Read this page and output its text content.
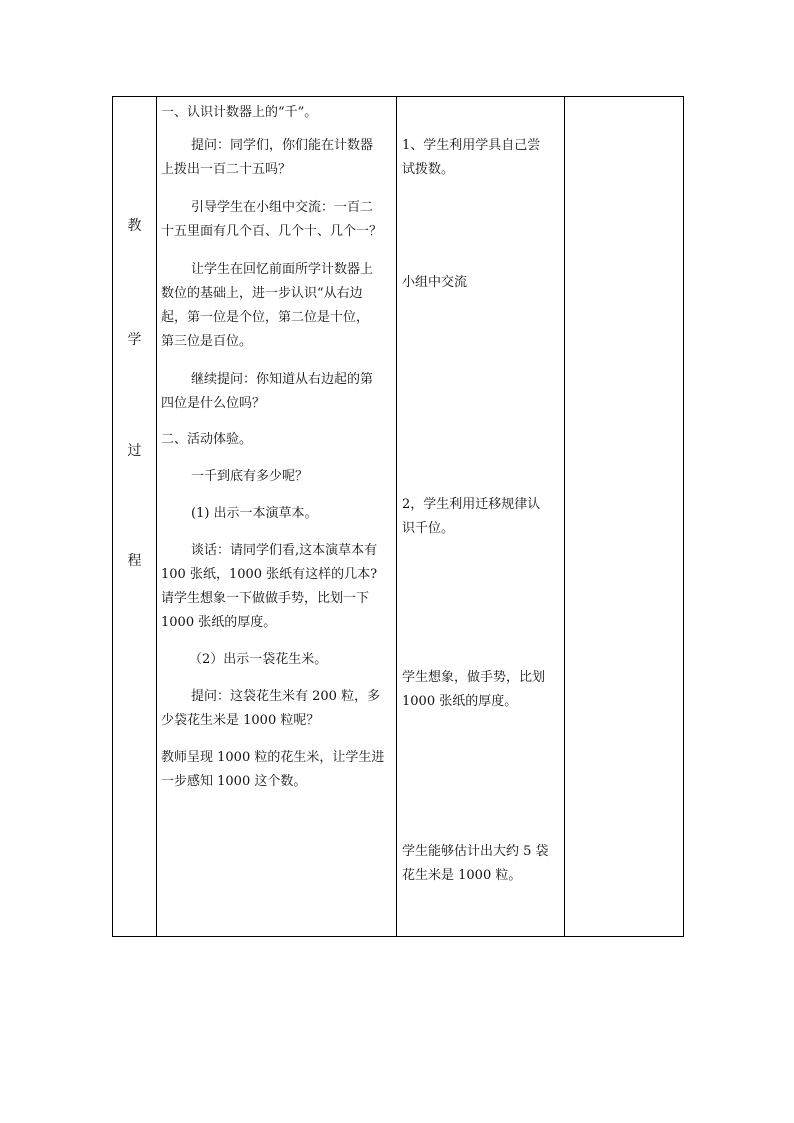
教
学
过
程

一、认识计数器上的“千”。

提问：同学们，你们能在计数器

上拨出一百二十五吗？

引导学生在小组中交流：一百二

十五里面有几个百、几个十、几个一？

让学生在回忆前面所学计数器上

数位的基础上，进一步认识“从右边

起，第一位是个位，第二位是十位，

第三位是百位。

继续提问：你知道从右边起的第

四位是什么位吗？

二、活动体验。

一千到底有多少呢？

(1) 出示一本演草本。

谈话：请同学们看,这本演草本有

100 张纸，1000 张纸有这样的几本?

请学生想象一下做做手势，比划一下

1000 张纸的厚度。

（2）出示一袋花生米。

提问：这袋花生米有 200 粒，多

少袋花生米是 1000 粒呢？

教师呈现 1000 粒的花生米，让学生进

一步感知 1000 这个数。

1、学生利用学具自己尝

试拨数。

小组中交流

2，学生利用迁移规律认

识千位。

学生想象，做手势，比划

1000 张纸的厚度。

学生能够估计出大约 5 袋

花生米是 1000 粒。
